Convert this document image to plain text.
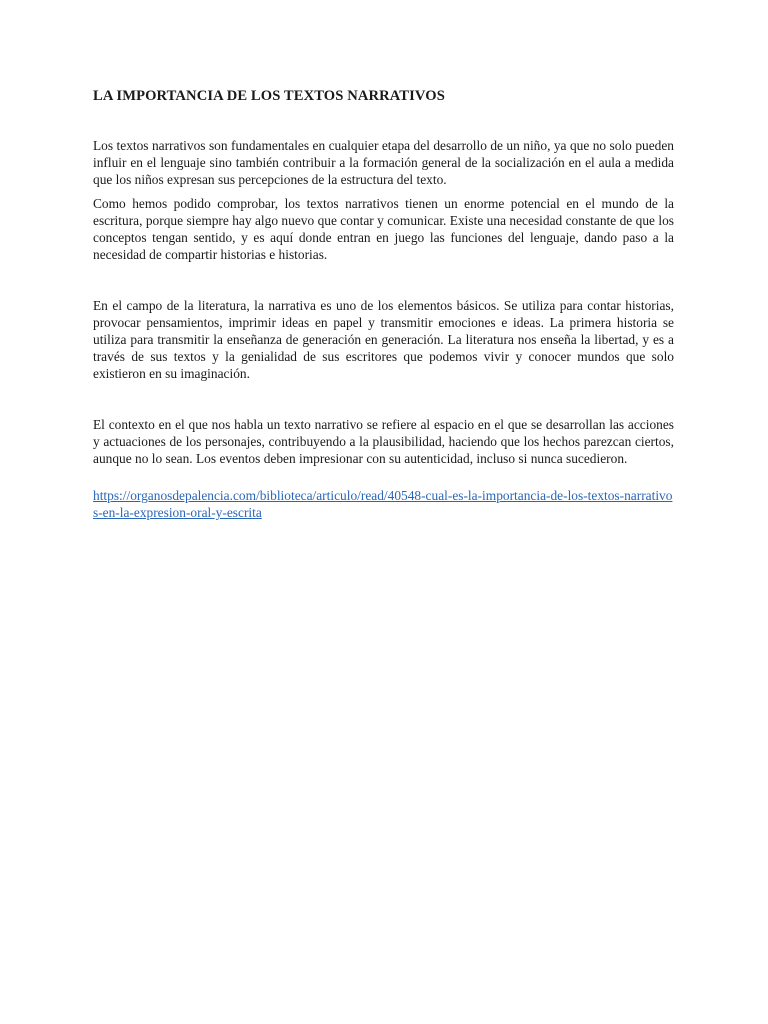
LA IMPORTANCIA DE LOS TEXTOS NARRATIVOS

Los textos narrativos son fundamentales en cualquier etapa del desarrollo de un niño, ya que no solo pueden influir en el lenguaje sino también contribuir a la formación general de la socialización en el aula a medida que los niños expresan sus percepciones de la estructura del texto.

Como hemos podido comprobar, los textos narrativos tienen un enorme potencial en el mundo de la escritura, porque siempre hay algo nuevo que contar y comunicar. Existe una necesidad constante de que los conceptos tengan sentido, y es aquí donde entran en juego las funciones del lenguaje, dando paso a la necesidad de compartir historias e historias.

En el campo de la literatura, la narrativa es uno de los elementos básicos. Se utiliza para contar historias, provocar pensamientos, imprimir ideas en papel y transmitir emociones e ideas. La primera historia se utiliza para transmitir la enseñanza de generación en generación. La literatura nos enseña la libertad, y es a través de sus textos y la genialidad de sus escritores que podemos vivir y conocer mundos que solo existieron en su imaginación.

El contexto en el que nos habla un texto narrativo se refiere al espacio en el que se desarrollan las acciones y actuaciones de los personajes, contribuyendo a la plausibilidad, haciendo que los hechos parezcan ciertos, aunque no lo sean. Los eventos deben impresionar con su autenticidad, incluso si nunca sucedieron.

https://organosdepalencia.com/biblioteca/articulo/read/40548-cual-es-la-importancia-de-los-textos-narrativos-en-la-expresion-oral-y-escrita
